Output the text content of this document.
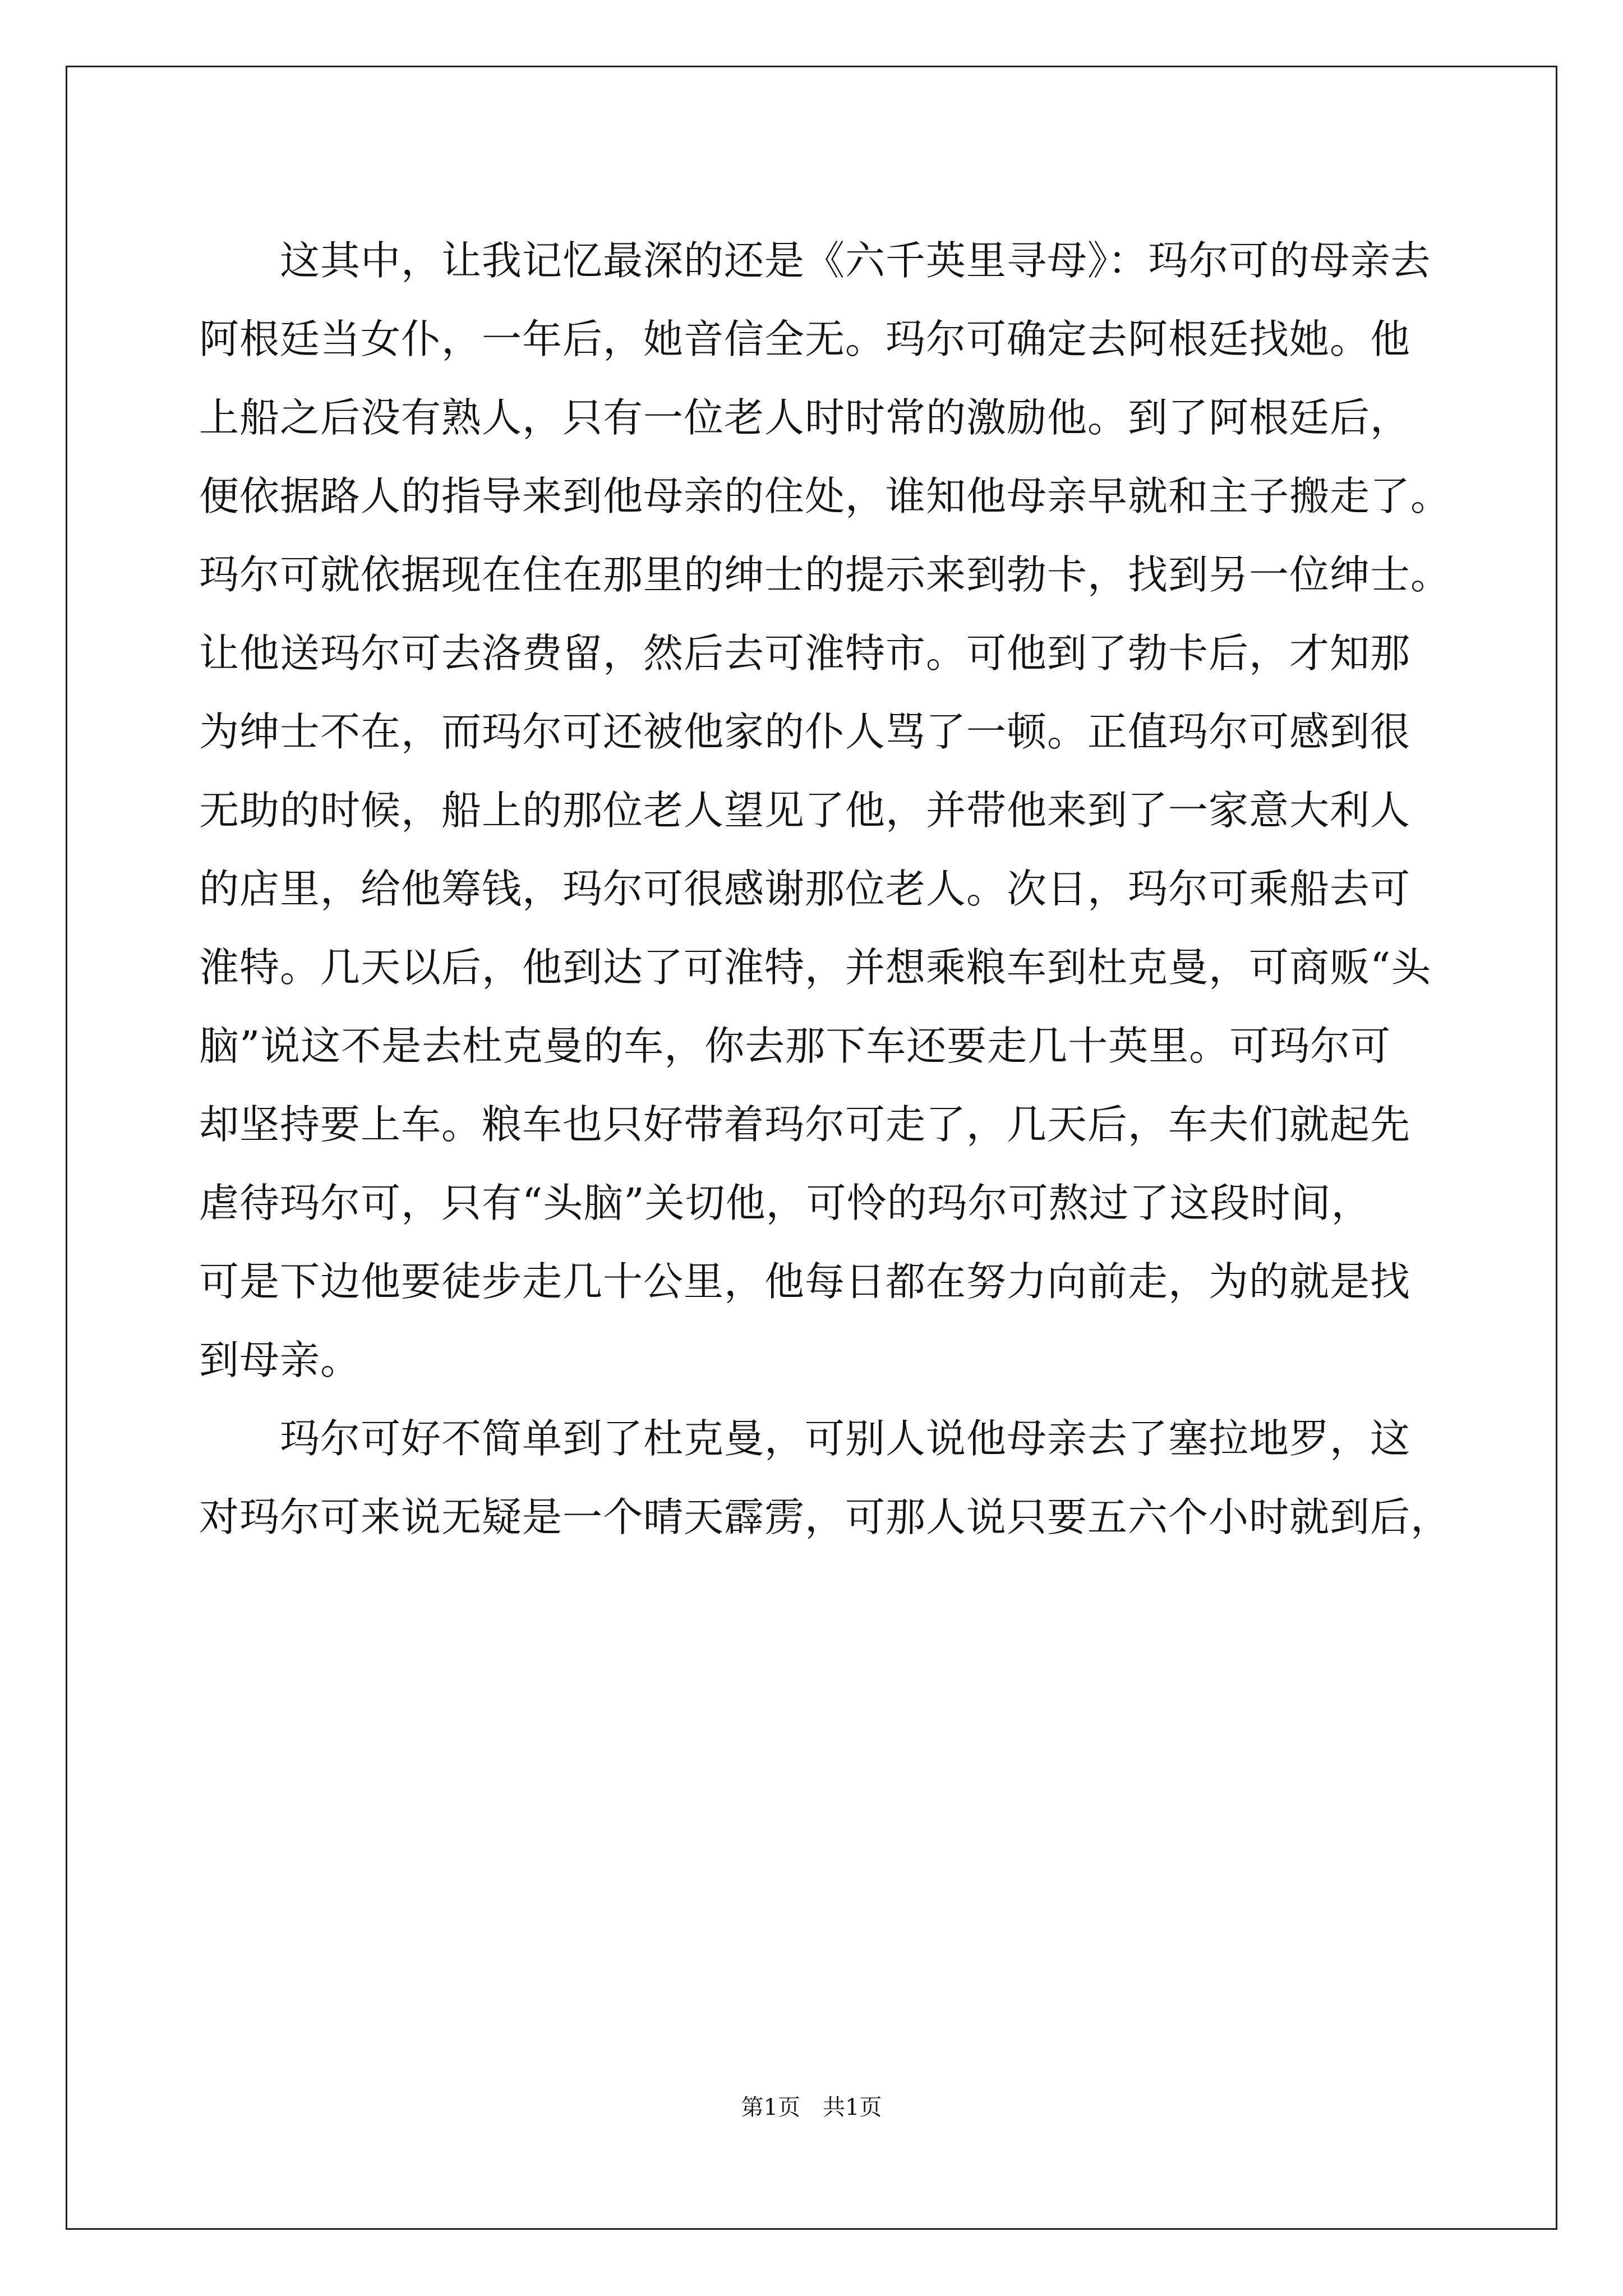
　　这其中，让我记忆最深的还是《六千英里寻母》：玛尔可的母亲去
阿根廷当女仆，一年后，她音信全无。玛尔可确定去阿根廷找她。他
上船之后没有熟人，只有一位老人时时常的激励他。到了阿根廷后，
便依据路人的指导来到他母亲的住处，谁知他母亲早就和主子搬走了。
玛尔可就依据现在住在那里的绅士的提示来到勃卡，找到另一位绅士。
让他送玛尔可去洛费留，然后去可淮特市。可他到了勃卡后，才知那
为绅士不在，而玛尔可还被他家的仆人骂了一顿。正值玛尔可感到很
无助的时候，船上的那位老人望见了他，并带他来到了一家意大利人
的店里，给他筹钱，玛尔可很感谢那位老人。次日，玛尔可乘船去可
淮特。几天以后，他到达了可淮特，并想乘粮车到杜克曼，可商贩“头
脑”说这不是去杜克曼的车，你去那下车还要走几十英里。可玛尔可
却坚持要上车。粮车也只好带着玛尔可走了，几天后，车夫们就起先
虐待玛尔可，只有“头脑”关切他，可怜的玛尔可熬过了这段时间，
可是下边他要徒步走几十公里，他每日都在努力向前走，为的就是找
到母亲。
　　玛尔可好不简单到了杜克曼，可别人说他母亲去了塞拉地罗，这
对玛尔可来说无疑是一个晴天霹雳，可那人说只要五六个小时就到后，
第1页　共1页
